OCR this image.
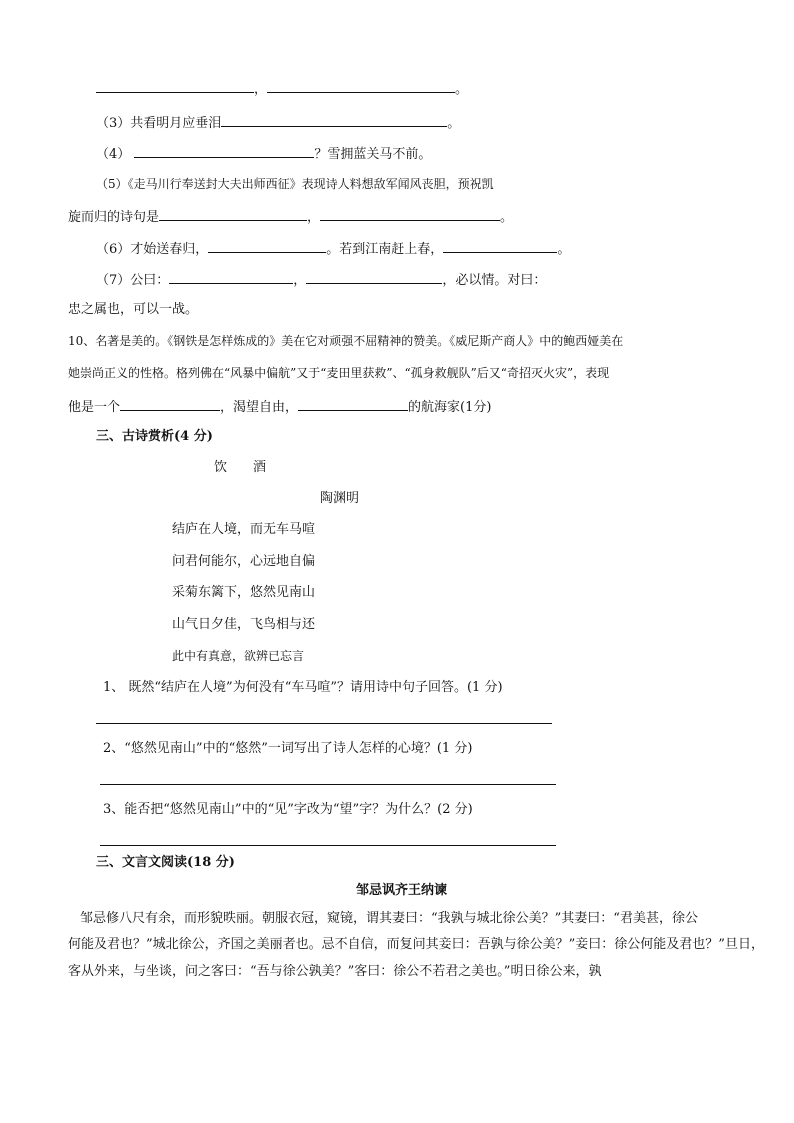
，	。
（3）共看明月应垂泪	。
（4）	？雪拥蓝关马不前。
（5）《走马川行奉送封大夫出师西征》表现诗人料想敌军闻风丧胆，预祝凯
旋而归的诗句是	，	。
（6）才始送春归，	。若到江南赶上春，	。
（7）公曰：	，	，必以情。对曰：
忠之属也，可以一战。
10、名著是美的。《钢铁是怎样炼成的》美在它对顽强不屈精神的赞美。《威尼斯产商人》中的鲍西娅美在
她崇尚正义的性格。格列佛在“风暴中偏航”又于“麦田里获救”、“孤身救舰队”后又“奇招灭火灾”，表现
他是一个	，渴望自由，	的航海家(1分)
三、古诗赏析(4 分)
饮　　酒
陶渊明
结庐在人境，而无车马喧
问君何能尔，心远地自偏
采菊东篱下，悠然见南山
山气日夕佳，飞鸟相与还
此中有真意，欲辨已忘言
1、 既然“结庐在人境”为何没有“车马喧”？请用诗中句子回答。(1 分)
2、“悠然见南山”中的“悠然”一词写出了诗人怎样的心境？(1 分)
3、能否把“悠然见南山”中的“见”字改为“望”字？为什么？(2 分)
三、文言文阅读(18 分)
邹忌讽齐王纳谏
邹忌修八尺有余，而形貌昳丽。朝服衣冠，窥镜，谓其妻曰：“我孰与城北徐公美？”其妻曰：“君美甚，徐公
何能及君也？”城北徐公，齐国之美丽者也。忌不自信，而复问其妾曰：吾孰与徐公美？”妾曰：徐公何能及君也？”旦日，
客从外来，与坐谈，问之客曰：“吾与徐公孰美？”客曰：徐公不若君之美也。”明日徐公来，孰
